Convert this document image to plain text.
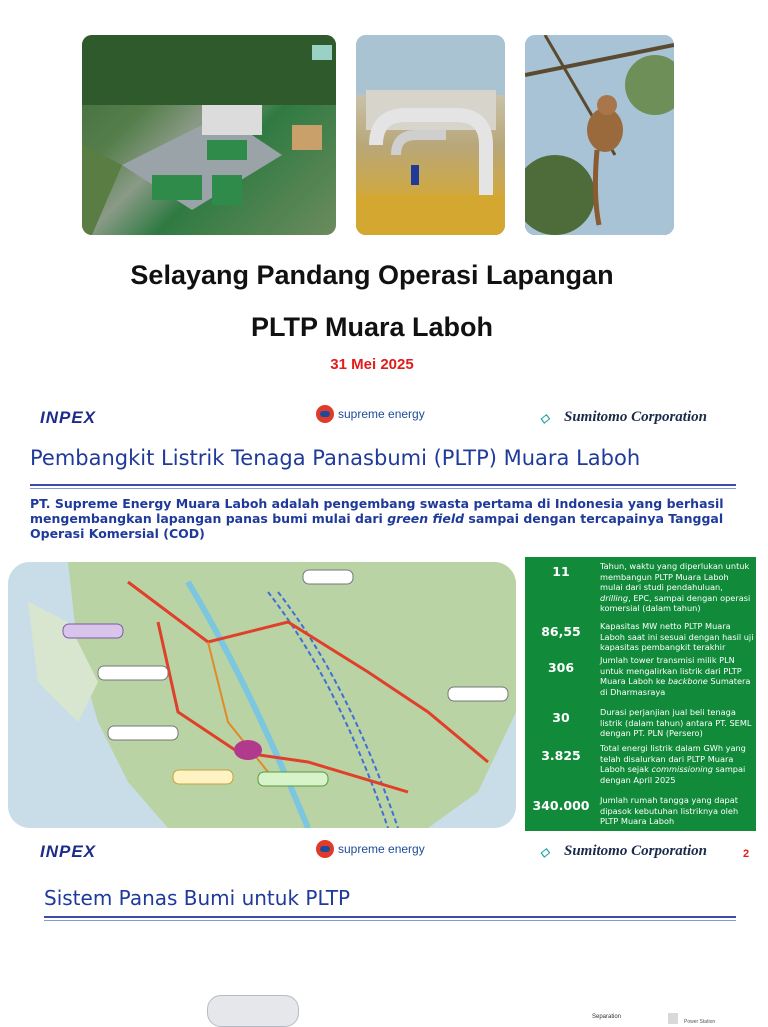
Selayang Pandang Operasi Lapangan
PLTP Muara Laboh
31 Mei 2025
INPEX	supreme energy	◇ Sumitomo Corporation
Pembangkit Listrik Tenaga Panasbumi (PLTP) Muara Laboh
PT. Supreme Energy Muara Laboh adalah pengembang swasta pertama di Indonesia yang berhasil mengembangkan lapangan panas bumi mulai dari green field sampai dengan tercapainya Tanggal Operasi Komersial (COD)
11	Tahun, waktu yang diperlukan untuk membangun PLTP Muara Laboh mulai dari studi pendahuluan, drilling, EPC, sampai dengan operasi komersial (dalam tahun)
86,55	Kapasitas MW netto PLTP Muara Laboh saat ini sesuai dengan hasil uji kapasitas pembangkit terakhir
306	Jumlah tower transmisi milik PLN untuk mengalirkan listrik dari PLTP Muara Laboh ke backbone Sumatera di Dharmasraya
30	Durasi perjanjian jual beli tenaga listrik (dalam tahun) antara PT. SEML dengan PT. PLN (Persero)
3.825	Total energi listrik dalam GWh yang telah disalurkan dari PLTP Muara Laboh sejak commissioning sampai dengan April 2025
340.000	Jumlah rumah tangga yang dapat dipasok kebutuhan listriknya oleh PLTP Muara Laboh
INPEX	supreme energy	◇ Sumitomo Corporation	2
Sistem Panas Bumi untuk PLTP
Separation
Power Station
